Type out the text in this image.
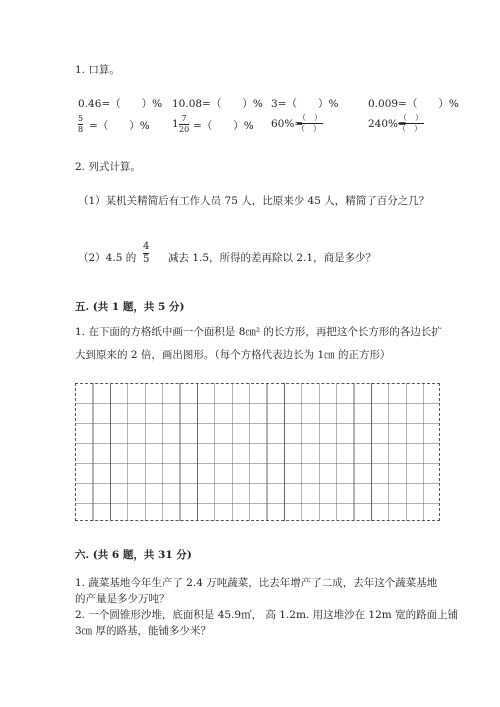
1. 口算。
0.46=（　　）% 10.08=（　　）% 3=（　　）%	0.009=（　　）%
5
8 =（　　）% 1 7
20 =（　　）% 60%=
（　）
（　）	240%=
（　）
（　）
2. 列式计算。
（1）某机关精简后有工作人员 75 人，比原来少 45 人，精简了百分之几？
（2）4.5 的
4
5 减去 1.5，所得的差再除以 2.1，商是多少？
五. (共 1 题，共 5 分)
1. 在下面的方格纸中画一个面积是 8㎝² 的长方形，再把这个长方形的各边长扩
大到原来的 2 倍，画出图形。（每个方格代表边长为 1㎝ 的正方形）
六. (共 6 题，共 31 分)
1. 蔬菜基地今年生产了 2.4 万吨蔬菜，比去年增产了二成，去年这个蔬菜基地
的产量是多少万吨？
2. 一个圆锥形沙堆，底面积是 45.9㎡， 高 1.2m. 用这堆沙在 12m 宽的路面上铺
3㎝ 厚的路基，能铺多少米？
